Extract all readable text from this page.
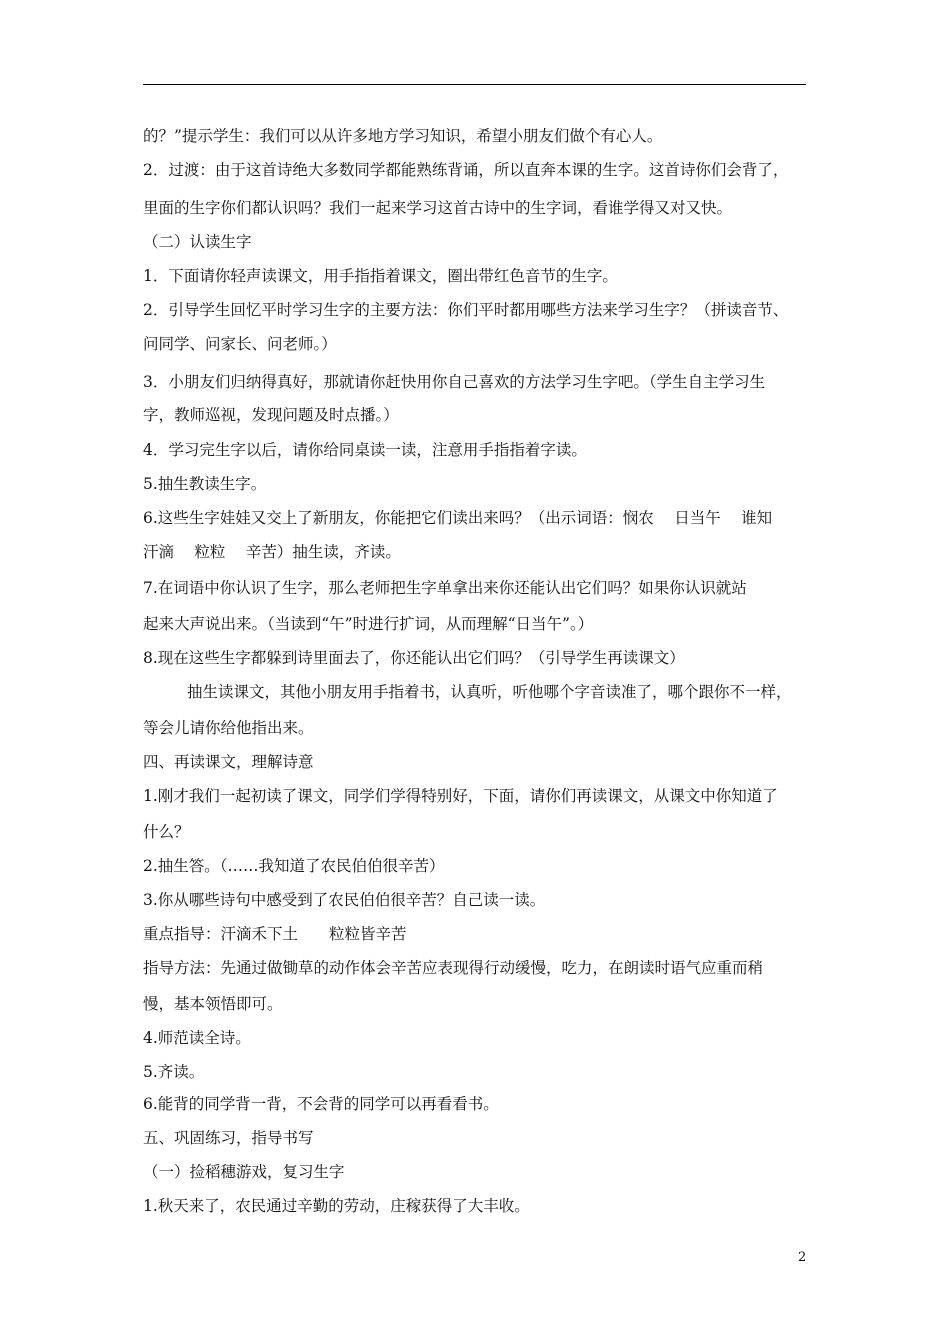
的？”提示学生：我们可以从许多地方学习知识，希望小朋友们做个有心人。
2．过渡：由于这首诗绝大多数同学都能熟练背诵，所以直奔本课的生字。这首诗你们会背了，
里面的生字你们都认识吗？我们一起来学习这首古诗中的生字词，看谁学得又对又快。
（二）认读生字
1．下面请你轻声读课文，用手指指着课文，圈出带红色音节的生字。
2．引导学生回忆平时学习生字的主要方法：你们平时都用哪些方法来学习生字？（拼读音节、
问同学、问家长、问老师。）
3．小朋友们归纳得真好，那就请你赶快用你自己喜欢的方法学习生字吧。（学生自主学习生
字，教师巡视，发现问题及时点播。）
4．学习完生字以后，请你给同桌读一读，注意用手指指着字读。
5.抽生教读生字。
6.这些生字娃娃又交上了新朋友，你能把它们读出来吗？（出示词语：悯农　 日当午　 谁知
汗滴　 粒粒　 辛苦）抽生读，齐读。
7.在词语中你认识了生字，那么老师把生字单拿出来你还能认出它们吗？如果你认识就站
起来大声说出来。（当读到“午”时进行扩词，从而理解“日当午”。）
8.现在这些生字都躲到诗里面去了，你还能认出它们吗？（引导学生再读课文）
抽生读课文，其他小朋友用手指着书，认真听，听他哪个字音读准了，哪个跟你不一样，
等会儿请你给他指出来。
四、再读课文，理解诗意
1.刚才我们一起初读了课文，同学们学得特别好，下面，请你们再读课文，从课文中你知道了
什么？
2.抽生答。（……我知道了农民伯伯很辛苦）
3.你从哪些诗句中感受到了农民伯伯很辛苦？自己读一读。
重点指导：汗滴禾下土　　粒粒皆辛苦
指导方法：先通过做锄草的动作体会辛苦应表现得行动缓慢，吃力，在朗读时语气应重而稍
慢，基本领悟即可。
4.师范读全诗。
5.齐读。
6.能背的同学背一背，不会背的同学可以再看看书。
五、巩固练习，指导书写
（一）捡稻穗游戏，复习生字
1.秋天来了，农民通过辛勤的劳动，庄稼获得了大丰收。
2
